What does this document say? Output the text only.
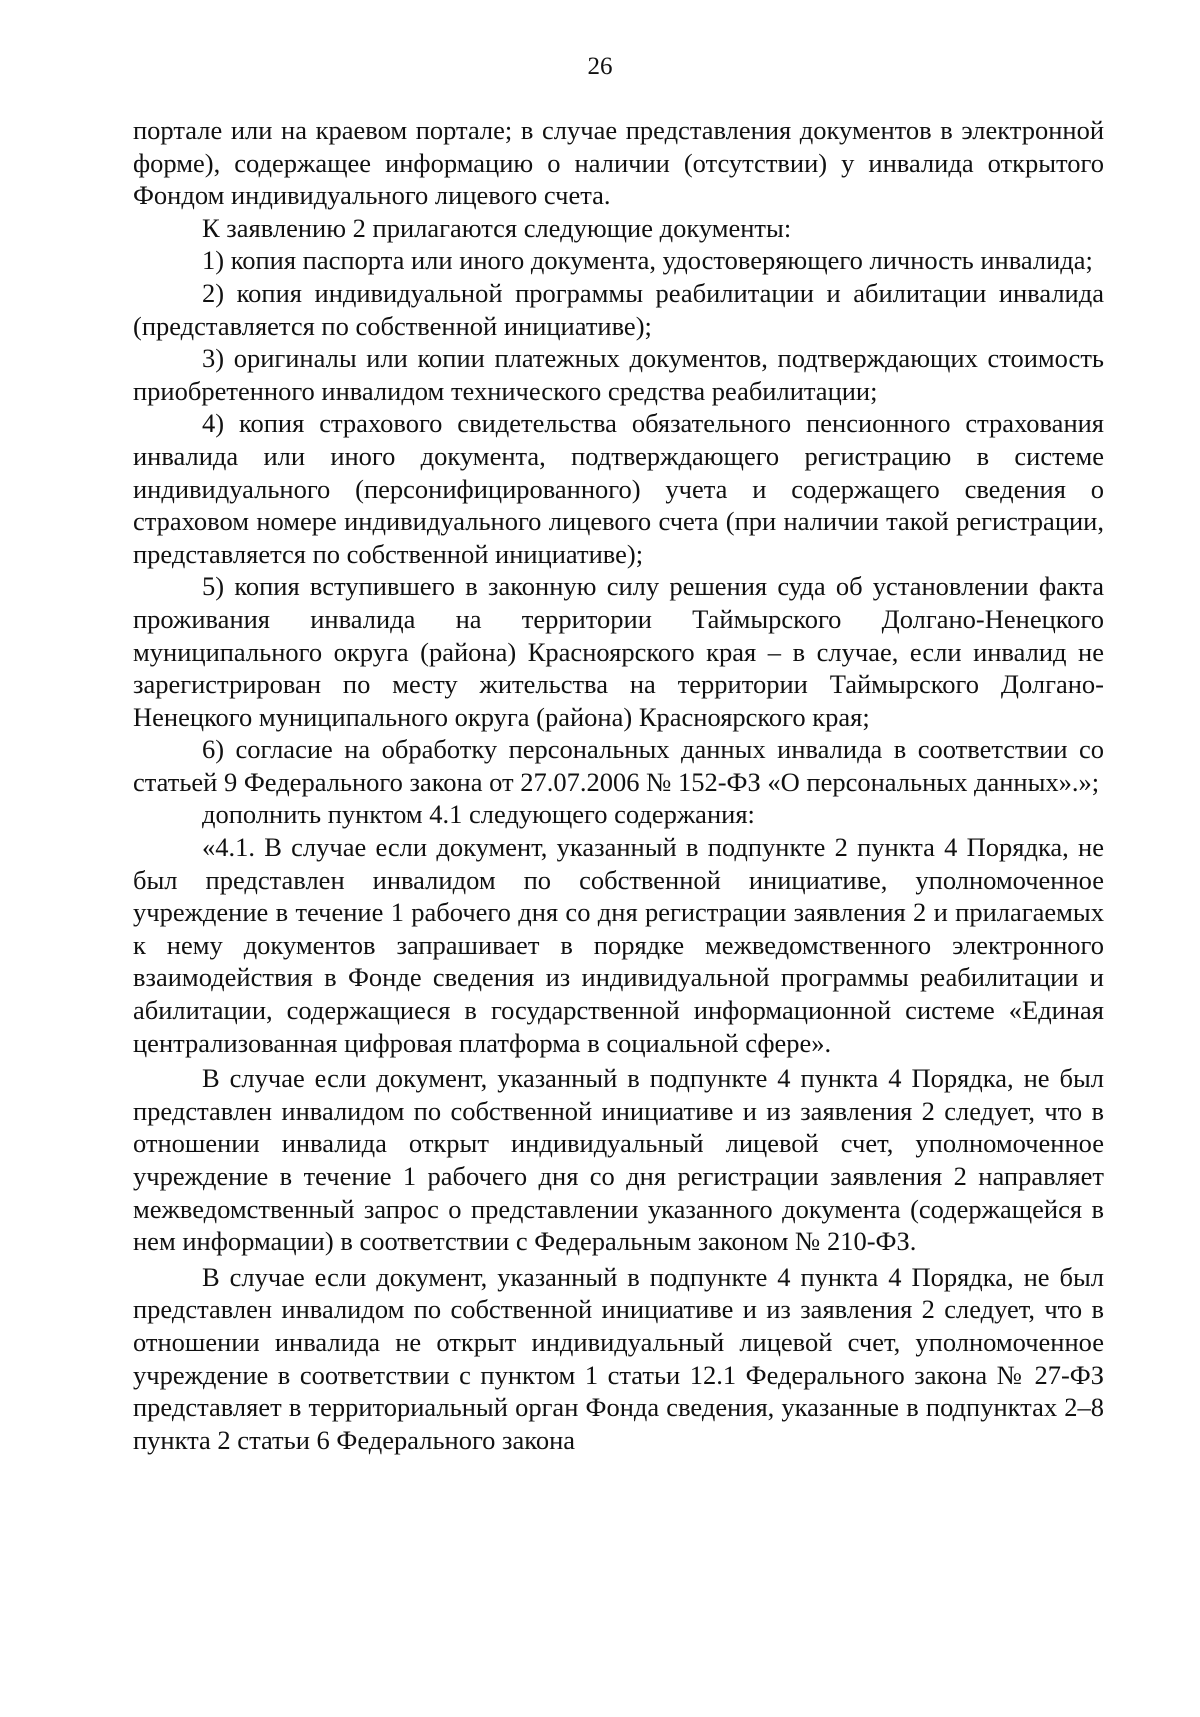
26

порталe или на краевом портале; в случае представления документов в электронной форме), содержащее информацию о наличии (отсутствии) у инвалида открытого Фондом индивидуального лицевого счета.

К заявлению 2 прилагаются следующие документы:

1) копия паспорта или иного документа, удостоверяющего личность инвалида;

2) копия индивидуальной программы реабилитации и абилитации инвалида (представляется по собственной инициативе);

3) оригиналы или копии платежных документов, подтверждающих стоимость приобретенного инвалидом технического средства реабилитации;

4) копия страхового свидетельства обязательного пенсионного страхования инвалида или иного документа, подтверждающего регистрацию в системе индивидуального (персонифицированного) учета и содержащего сведения о страховом номере индивидуального лицевого счета (при наличии такой регистрации, представляется по собственной инициативе);

5) копия вступившего в законную силу решения суда об установлении факта проживания инвалида на территории Таймырского Долгано-Ненецкого муниципального округа (района) Красноярского края – в случае, если инвалид не зарегистрирован по месту жительства на территории Таймырского Долгано-Ненецкого муниципального округа (района) Красноярского края;

6) согласие на обработку персональных данных инвалида в соответствии со статьей 9 Федерального закона от 27.07.2006 № 152-ФЗ «О персональных данных».»;

дополнить пунктом 4.1 следующего содержания:

«4.1. В случае если документ, указанный в подпункте 2 пункта 4 Порядка, не был представлен инвалидом по собственной инициативе, уполномоченное учреждение в течение 1 рабочего дня со дня регистрации заявления 2 и прилагаемых к нему документов запрашивает в порядке межведомственного электронного взаимодействия в Фонде сведения из индивидуальной программы реабилитации и абилитации, содержащиеся в государственной информационной системе «Единая централизованная цифровая платформа в социальной сфере».

В случае если документ, указанный в подпункте 4 пункта 4 Порядка, не был представлен инвалидом по собственной инициативе и из заявления 2 следует, что в отношении инвалида открыт индивидуальный лицевой счет, уполномоченное учреждение в течение 1 рабочего дня со дня регистрации заявления 2 направляет межведомственный запрос о представлении указанного документа (содержащейся в нем информации) в соответствии с Федеральным законом № 210-ФЗ.

В случае если документ, указанный в подпункте 4 пункта 4 Порядка, не был представлен инвалидом по собственной инициативе и из заявления 2 следует, что в отношении инвалида не открыт индивидуальный лицевой счет, уполномоченное учреждение в соответствии с пунктом 1 статьи 12.1 Федерального закона № 27-ФЗ представляет в территориальный орган Фонда сведения, указанные в подпунктах 2–8 пункта 2 статьи 6 Федерального закона
